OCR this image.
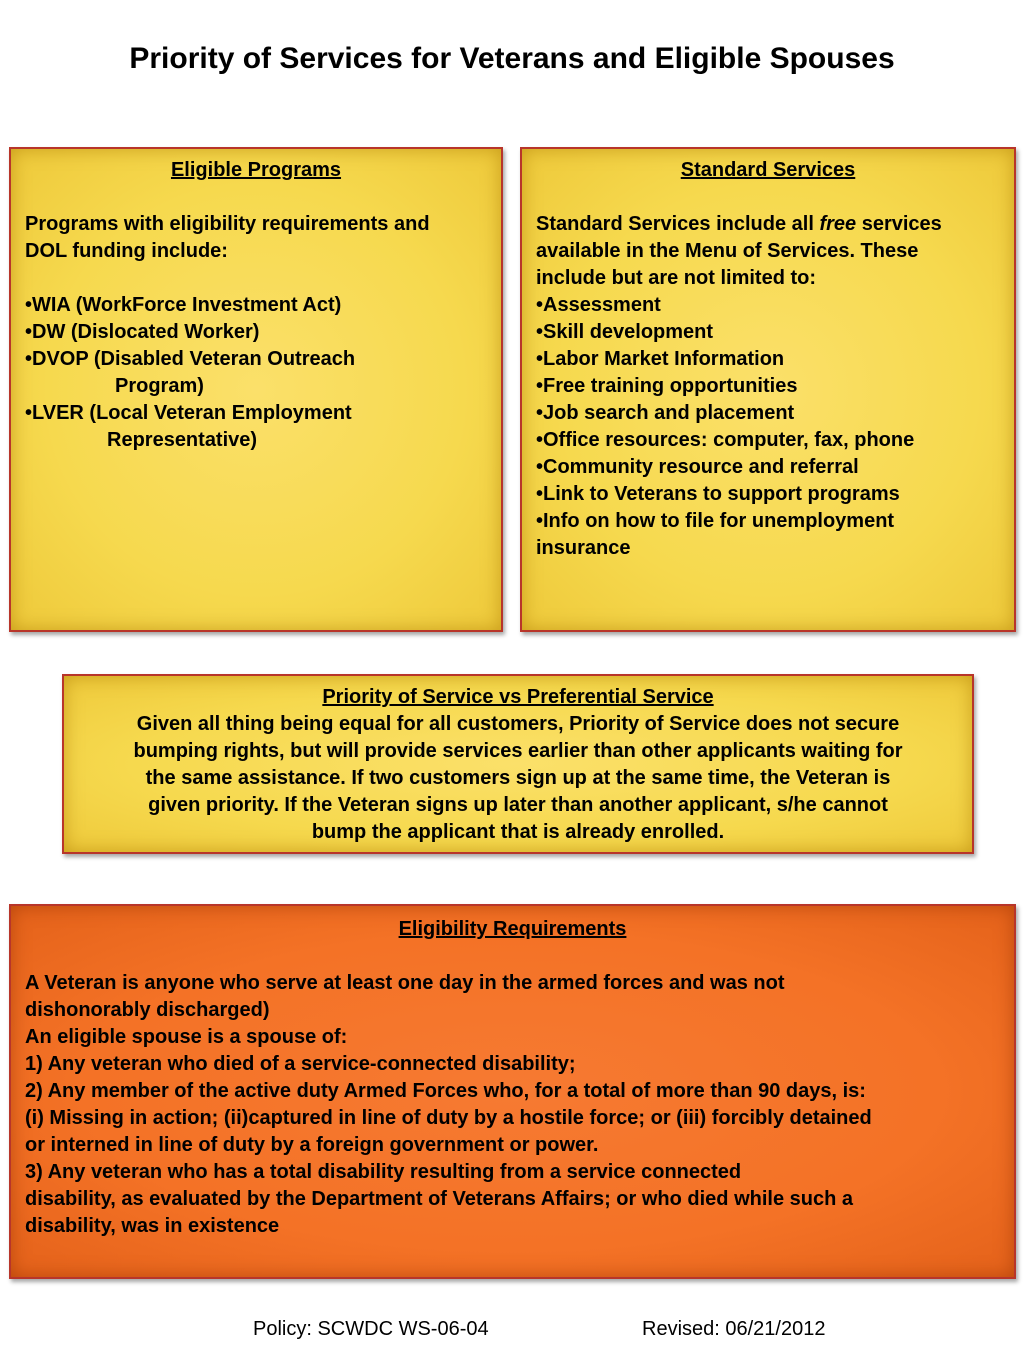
Priority of Services for Veterans and Eligible Spouses
Eligible Programs
Programs with eligibility requirements and
DOL funding include:
•WIA (WorkForce Investment Act)
•DW (Dislocated Worker)
•DVOP (Disabled Veteran Outreach
Program)
•LVER (Local Veteran Employment
Representative)
Standard Services
Standard Services include all free services
available in the Menu of Services. These
include but are not limited to:
•Assessment
•Skill development
•Labor Market Information
•Free training opportunities
•Job search and placement
•Office resources: computer, fax, phone
•Community resource and referral
•Link to Veterans to support programs
•Info on how to file for unemployment
insurance
Priority of Service vs Preferential Service
Given all thing being equal for all customers, Priority of Service does not secure
bumping rights, but will provide services earlier than other applicants waiting for
the same assistance. If two customers sign up at the same time, the Veteran is
given priority. If the Veteran signs up later than another applicant, s/he cannot
bump the applicant that is already enrolled.
Eligibility Requirements
A Veteran is anyone who serve at least one day in the armed forces and was not
dishonorably discharged)
An eligible spouse is a spouse of:
1) Any veteran who died of a service-connected disability;
2) Any member of the active duty Armed Forces who, for a total of more than 90 days, is:
(i) Missing in action; (ii)captured in line of duty by a hostile force; or (iii) forcibly detained
or interned in line of duty by a foreign government or power.
3) Any veteran who has a total disability resulting from a service connected
disability, as evaluated by the Department of Veterans Affairs; or who died while such a
disability, was in existence
Policy: SCWDC WS-06-04	Revised: 06/21/2012
